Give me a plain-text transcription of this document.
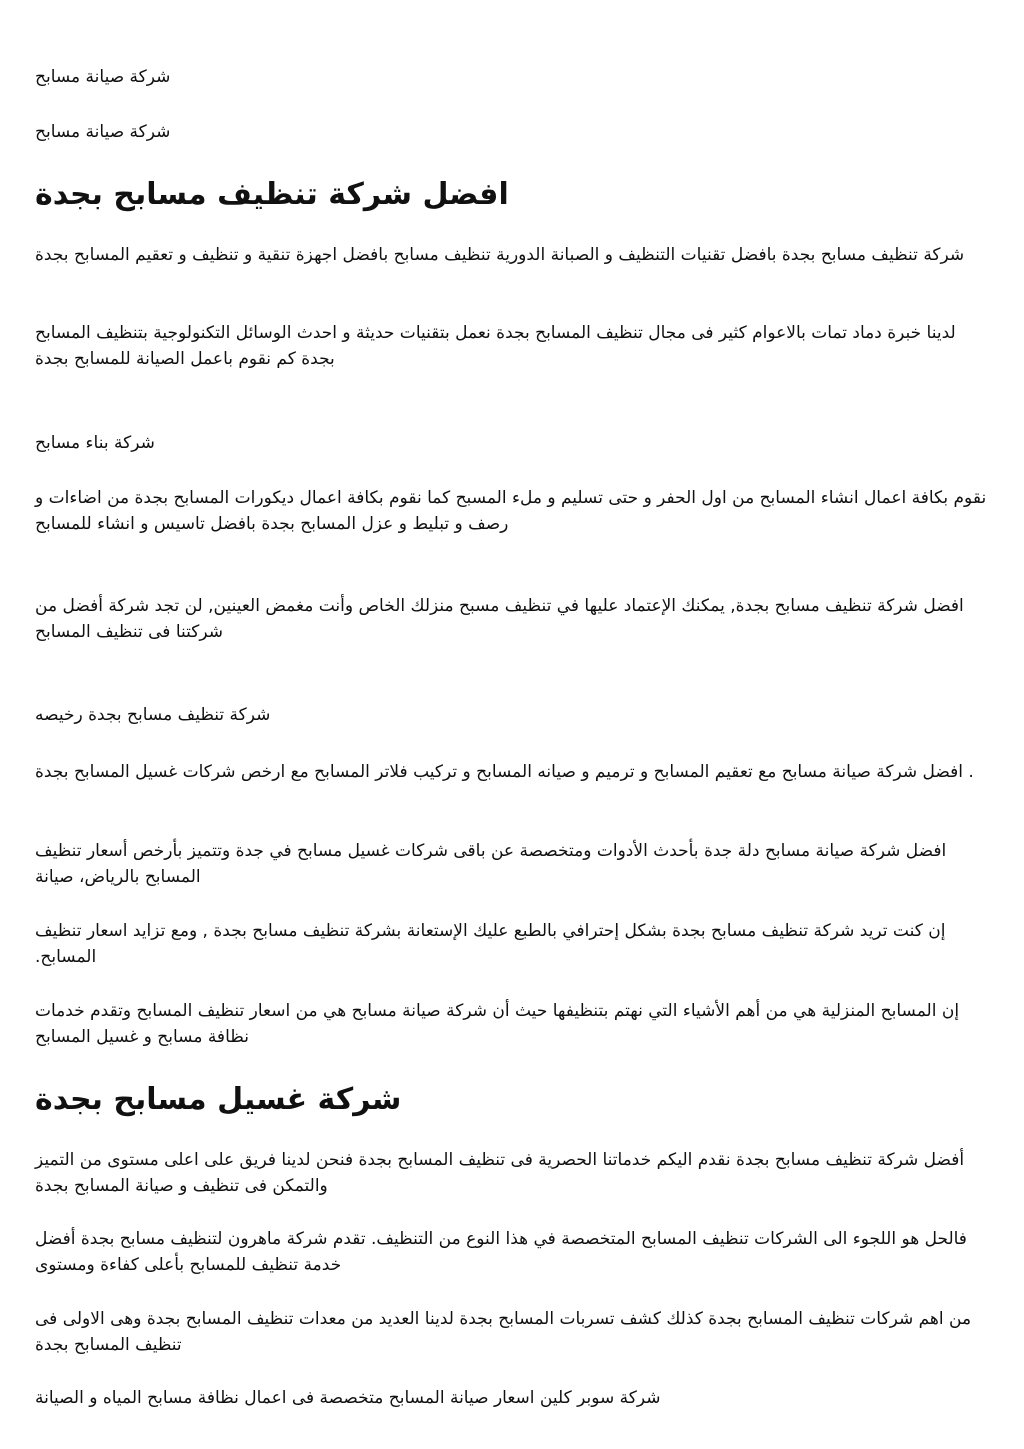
شركة صيانة مسابح

شركة صيانة مسابح

افضل شركة تنظيف مسابح بجدة

شركة تنظيف مسابح بجدة بافضل تقنيات التنظيف و الصبانة الدورية تنظيف مسابح بافضل اجهزة تنقية و تنظيف و تعقيم المسابح بجدة

لدينا خبرة دماد تمات بالاعوام كثير فى مجال تنظيف المسابح بجدة نعمل بتقنيات حديثة و احدث الوسائل التكنولوجية بتنظيف المسابح بجدة كم نقوم باعمل الصيانة للمسابح بجدة

شركة بناء مسابح

نقوم بكافة اعمال انشاء المسابح من اول الحفر و حتى تسليم و ملء المسبح كما نقوم بكافة اعمال ديكورات المسابح بجدة من اضاءات و رصف و تبليط و عزل المسابح بجدة بافضل تاسيس و انشاء للمسابح

افضل شركة تنظيف مسابح بجدة, يمكنك الإعتماد عليها في تنظيف مسبح منزلك الخاص وأنت مغمض العينين, لن تجد شركة أفضل من شركتنا فى تنظيف المسابح

شركة تنظيف مسابح بجدة رخيصه

. افضل شركة صيانة مسابح مع تعقيم المسابح و ترميم و صيانه المسابح و تركيب فلاتر المسابح مع ارخص شركات غسيل المسابح بجدة

افضل شركة صيانة مسابح دلة جدة بأحدث الأدوات ومتخصصة عن باقى شركات غسيل مسابح في جدة وتتميز بأرخص أسعار تنظيف المسابح بالرياض، صيانة

إن كنت تريد شركة تنظيف مسابح بجدة بشكل إحترافي بالطبع عليك الإستعانة بشركة تنظيف مسابح بجدة , ومع تزايد اسعار تنظيف المسابح.

إن المسابح المنزلية هي من أهم الأشياء التي نهتم بتنظيفها حيث أن شركة صيانة مسابح هي من اسعار تنظيف المسابح وتقدم خدمات نظافة مسابح و غسيل المسابح

شركة غسيل مسابح بجدة

أفضل شركة تنظيف مسابح بجدة نقدم اليكم خدماتنا الحصرية فى تنظيف المسابح بجدة فنحن لدينا فريق على اعلى مستوى من التميز والتمكن فى تنظيف و صيانة المسابح بجدة

فالحل هو اللجوء الى الشركات تنظيف المسابح المتخصصة في هذا النوع من التنظيف. تقدم شركة ماهرون لتنظيف مسابح بجدة أفضل خدمة تنظيف للمسابح بأعلى كفاءة ومستوى

من اهم شركات تنظيف المسابح بجدة كذلك كشف تسربات المسابح بجدة لدينا العديد من معدات تنظيف المسابح بجدة وهى الاولى فى تنظيف المسابح بجدة

شركة سوبر كلين اسعار صيانة المسابح متخصصة فى اعمال نظافة مسابح المياه و الصيانة
